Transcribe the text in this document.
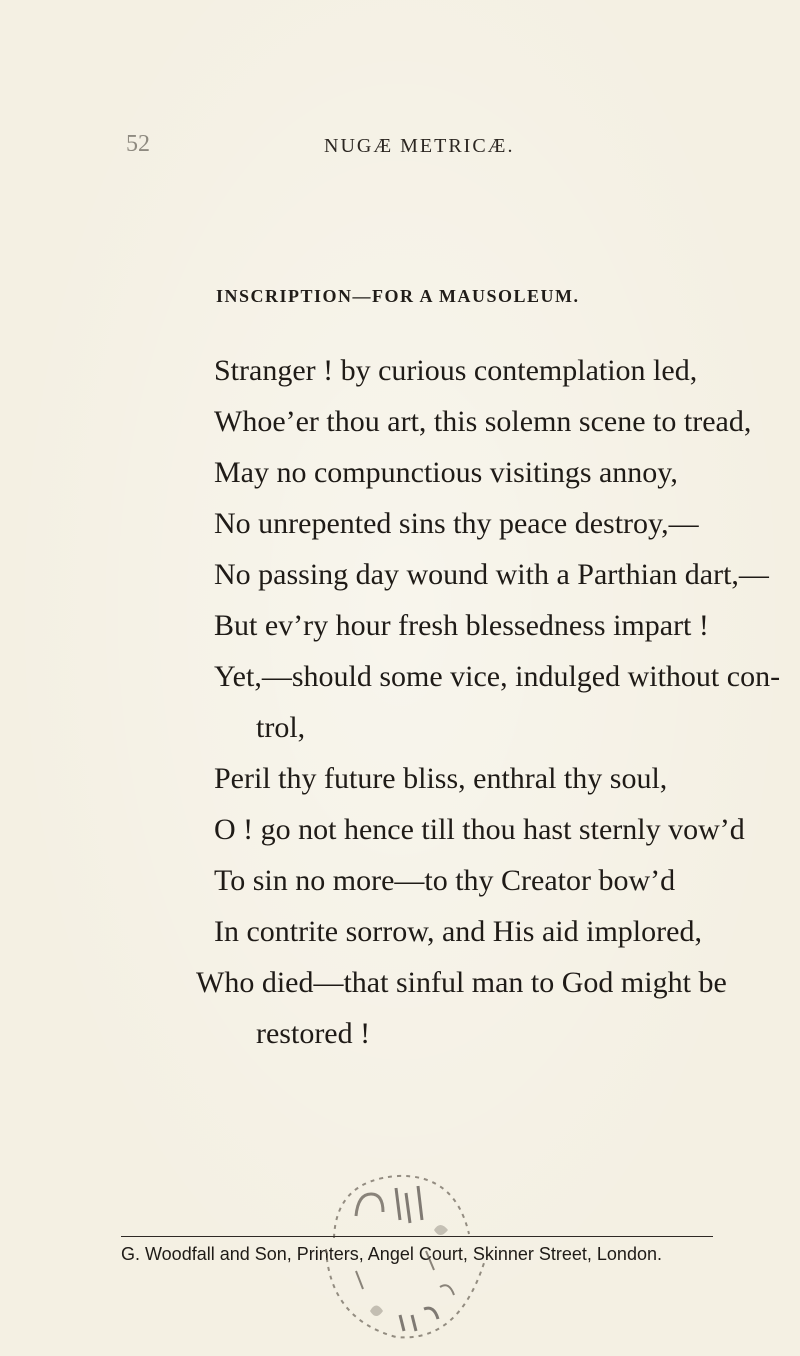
52	NUGÆ METRICÆ.
INSCRIPTION—FOR A MAUSOLEUM.
Stranger ! by curious contemplation led,
Whoe’er thou art, this solemn scene to tread,
May no compunctious visitings annoy,
No unrepented sins thy peace destroy,—
No passing day wound with a Parthian dart,—
But ev’ry hour fresh blessedness impart !
Yet,—should some vice, indulged without con-
trol,
Peril thy future bliss, enthral thy soul,
O ! go not hence till thou hast sternly vow’d
To sin no more—to thy Creator bow’d
In contrite sorrow, and His aid implored,
Who died—that sinful man to God might be
restored !
G. Woodfall and Son, Printers, Angel Court, Skinner Street, London.
